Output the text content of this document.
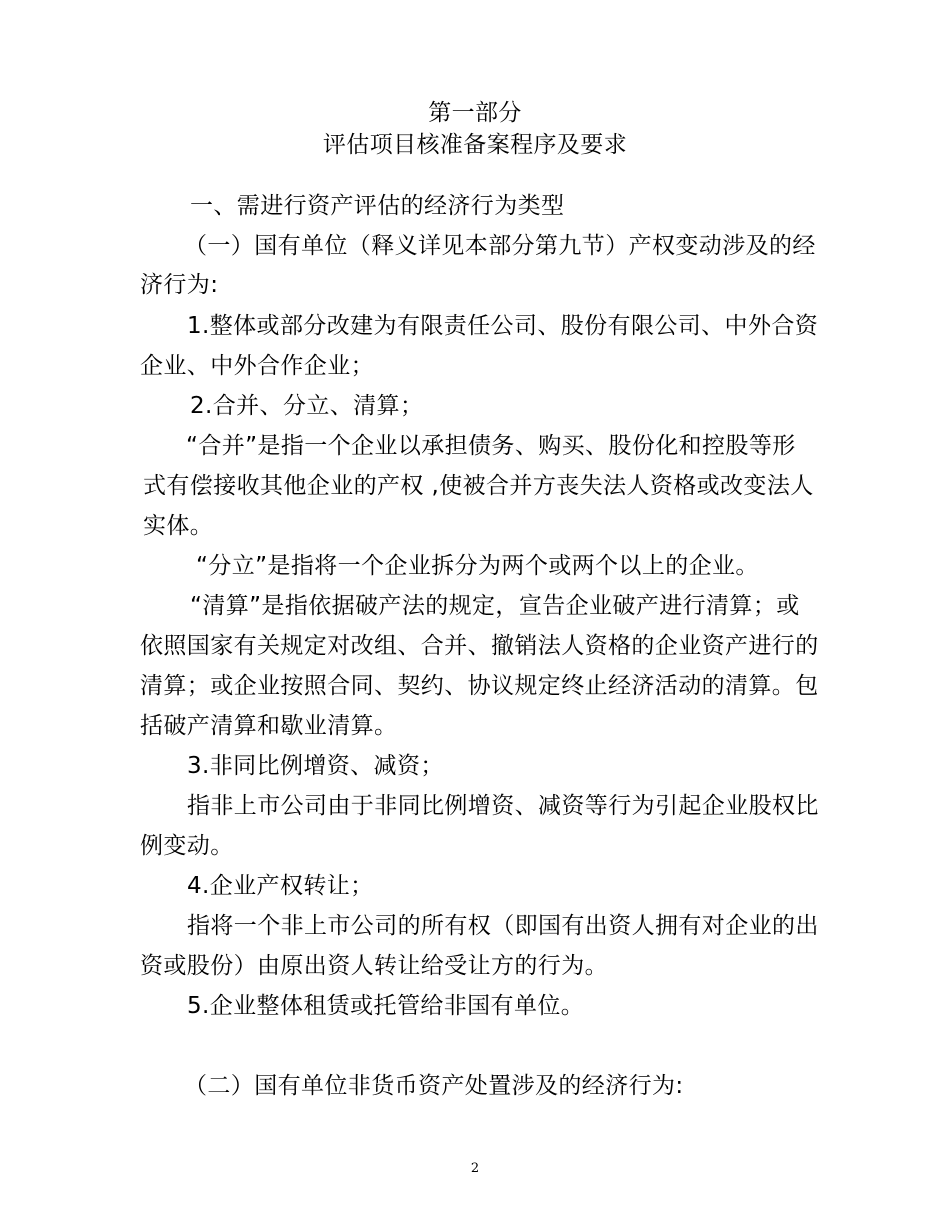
第一部分

评估项目核准备案程序及要求

一、需进行资产评估的经济行为类型

（一）国有单位（释义详见本部分第九节）产权变动涉及的经

济行为:

1.整体或部分改建为有限责任公司、股份有限公司、中外合资

企业、中外合作企业；

2.合并、分立、清算；

“合并”是指一个企业以承担债务、购买、股份化和控股等形

式有偿接收其他企业的产权 ,使被合并方丧失法人资格或改变法人

实体。

“分立”是指将一个企业拆分为两个或两个以上的企业。

“清算”是指依据破产法的规定，宣告企业破产进行清算；或

依照国家有关规定对改组、合并、撤销法人资格的企业资产进行的

清算；或企业按照合同、契约、协议规定终止经济活动的清算。包

括破产清算和歇业清算。

3.非同比例增资、减资；

指非上市公司由于非同比例增资、减资等行为引起企业股权比

例变动。

4.企业产权转让；

指将一个非上市公司的所有权（即国有出资人拥有对企业的出

资或股份）由原出资人转让给受让方的行为。

5.企业整体租赁或托管给非国有单位。

（二）国有单位非货币资产处置涉及的经济行为:

2
